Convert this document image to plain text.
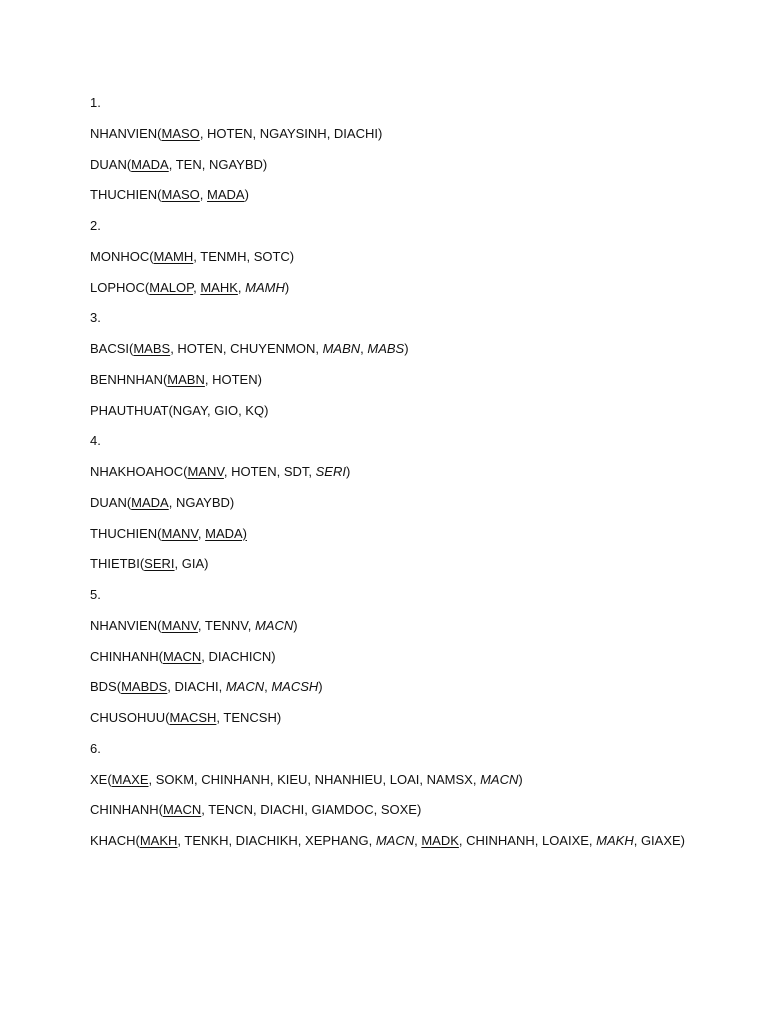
1.
NHANVIEN(MASO, HOTEN, NGAYSINH, DIACHI)
DUAN(MADA, TEN, NGAYBD)
THUCHIEN(MASO, MADA)
2.
MONHOC(MAMH, TENMH, SOTC)
LOPHOC(MALOP, MAHK, MAMH)
3.
BACSI(MABS, HOTEN, CHUYENMON, MABN, MABS)
BENHNHAN(MABN, HOTEN)
PHAUTHUAT(NGAY, GIO, KQ)
4.
NHAKHOAHOC(MANV, HOTEN, SDT, SERI)
DUAN(MADA, NGAYBD)
THUCHIEN(MANV, MADA)
THIETBI(SERI, GIA)
5.
NHANVIEN(MANV, TENNV, MACN)
CHINHANH(MACN, DIACHICN)
BDS(MABDS, DIACHI, MACN, MACSH)
CHUSOHUU(MACSH, TENCSH)
6.
XE(MAXE, SOKM, CHINHANH, KIEU, NHANHIEU, LOAI, NAMSX, MACN)
CHINHANH(MACN, TENCN, DIACHI, GIAMDOC, SOXE)
KHACH(MAKH, TENKH, DIACHIKH, XEPHANG, MACN, MADK, CHINHANH, LOAIXE, MAKH, GIAXE)
